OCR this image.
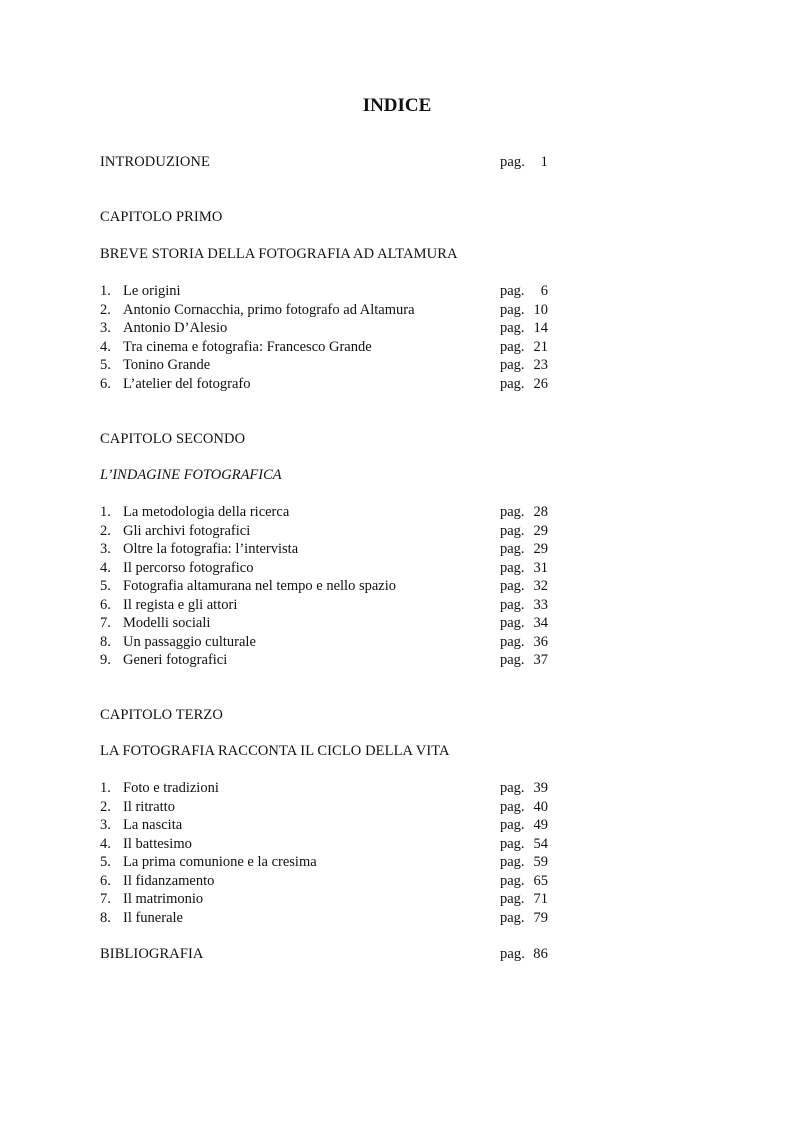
INDICE
INTRODUZIONE	pag.	1
CAPITOLO PRIMO
BREVE STORIA DELLA FOTOGRAFIA AD ALTAMURA
1. Le origini	pag.	6
2. Antonio Cornacchia, primo fotografo ad Altamura	pag. 10
3. Antonio D’Alesio	pag. 14
4. Tra cinema e fotografia: Francesco Grande	pag. 21
5. Tonino Grande	pag. 23
6. L’atelier del fotografo	pag. 26
CAPITOLO SECONDO
L’INDAGINE FOTOGRAFICA
1. La metodologia della ricerca	pag. 28
2. Gli archivi fotografici	pag. 29
3. Oltre la fotografia: l’intervista	pag. 29
4. Il percorso fotografico	pag. 31
5. Fotografia altamurana nel tempo e nello spazio	pag. 32
6. Il regista e gli attori	pag. 33
7. Modelli sociali	pag. 34
8. Un passaggio culturale	pag. 36
9. Generi fotografici	pag. 37
CAPITOLO TERZO
LA FOTOGRAFIA RACCONTA IL CICLO DELLA VITA
1. Foto e tradizioni	pag. 39
2. Il ritratto	pag. 40
3. La nascita	pag. 49
4. Il battesimo	pag. 54
5. La prima comunione e la cresima	pag. 59
6. Il fidanzamento	pag. 65
7. Il matrimonio	pag. 71
8. Il funerale	pag. 79
BIBLIOGRAFIA	pag. 86
